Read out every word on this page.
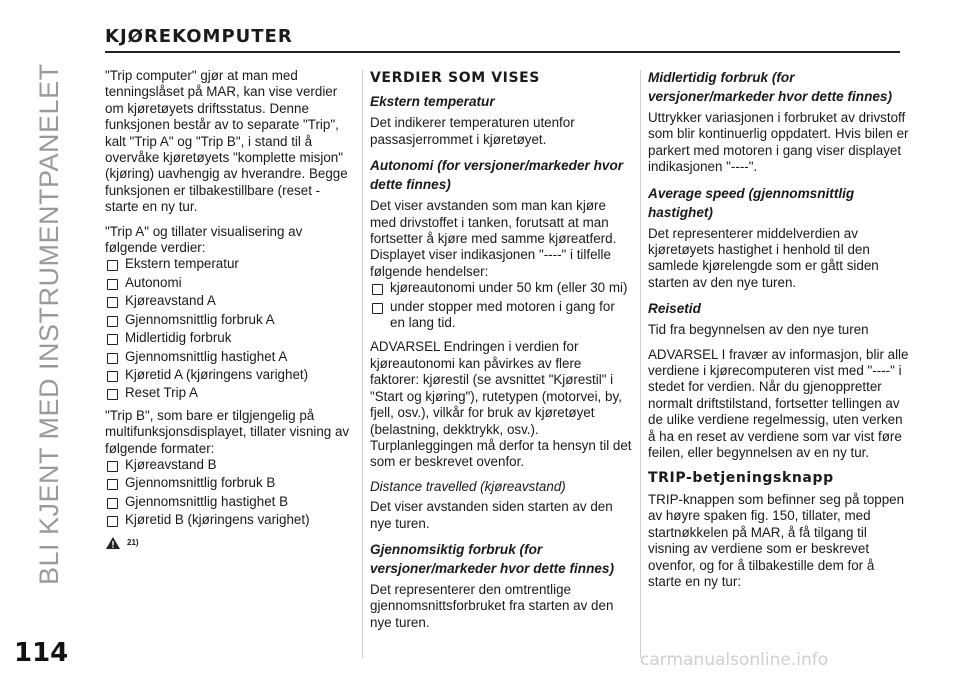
BLI KJENT MED INSTRUMENTPANELET
114
KJØREKOMPUTER

"Trip computer" gjør at man med tenningslåset på MAR, kan vise verdier om kjøretøyets driftsstatus. Denne funksjonen består av to separate "Trip", kalt "Trip A" og "Trip B", i stand til å overvåke kjøretøyets "komplette misjon" (kjøring) uavhengig av hverandre. Begge funksjonen er tilbakestillbare (reset - starte en ny tur.

"Trip A" og tillater visualisering av følgende verdier:

Ekstern temperatur
Autonomi
Kjøreavstand A
Gjennomsnittlig forbruk A
Midlertidig forbruk
Gjennomsnittlig hastighet A
Kjøretid A (kjøringens varighet)
Reset Trip A

"Trip B", som bare er tilgjengelig på multifunksjonsdisplayet, tillater visning av følgende formater:

Kjøreavstand B
Gjennomsnittlig forbruk B
Gjennomsnittlig hastighet B
Kjøretid B (kjøringens varighet)
21)
VERDIER SOM VISES
Ekstern temperatur

Det indikerer temperaturen utenfor passasjerrommet i kjøretøyet.

Autonomi (for versjoner/markeder hvor dette finnes)

Det viser avstanden som man kan kjøre med drivstoffet i tanken, forutsatt at man fortsetter å kjøre med samme kjøreatferd. Displayet viser indikasjonen "----" i tilfelle følgende hendelser:

kjøreautonomi under 50 km (eller 30 mi)
under stopper med motoren i gang for en lang tid.

ADVARSEL Endringen i verdien for kjøreautonomi kan påvirkes av flere faktorer: kjørestil (se avsnittet "Kjørestil" i "Start og kjøring"), rutetypen (motorvei, by, fjell, osv.), vilkår for bruk av kjøretøyet (belastning, dekktrykk, osv.). Turplanleggingen må derfor ta hensyn til det som er beskrevet ovenfor.

Distance travelled (kjøreavstand)

Det viser avstanden siden starten av den nye turen.

Gjennomsiktig forbruk (for versjoner/markeder hvor dette finnes)

Det representerer den omtrentlige gjennomsnittsforbruket fra starten av den nye turen.

Midlertidig forbruk (for versjoner/markeder hvor dette finnes)

Uttrykker variasjonen i forbruket av drivstoff som blir kontinuerlig oppdatert. Hvis bilen er parkert med motoren i gang viser displayet indikasjonen "----".

Average speed (gjennomsnittlig hastighet)

Det representerer middelverdien av kjøretøyets hastighet i henhold til den samlede kjørelengde som er gått siden starten av den nye turen.

Reisetid

Tid fra begynnelsen av den nye turen

ADVARSEL I fravær av informasjon, blir alle verdiene i kjørecomputeren vist med "----" i stedet for verdien. Når du gjenoppretter normalt driftstilstand, fortsetter tellingen av de ulike verdiene regelmessig, uten verken å ha en reset av verdiene som var vist føre feilen, eller begynnelsen av en ny tur.

TRIP-betjeningsknapp

TRIP-knappen som befinner seg på toppen av høyre spaken fig. 150, tillater, med startnøkkelen på MAR, å få tilgang til visning av verdiene som er beskrevet ovenfor, og for å tilbakestille dem for å starte en ny tur:

carmanualsonline.info
